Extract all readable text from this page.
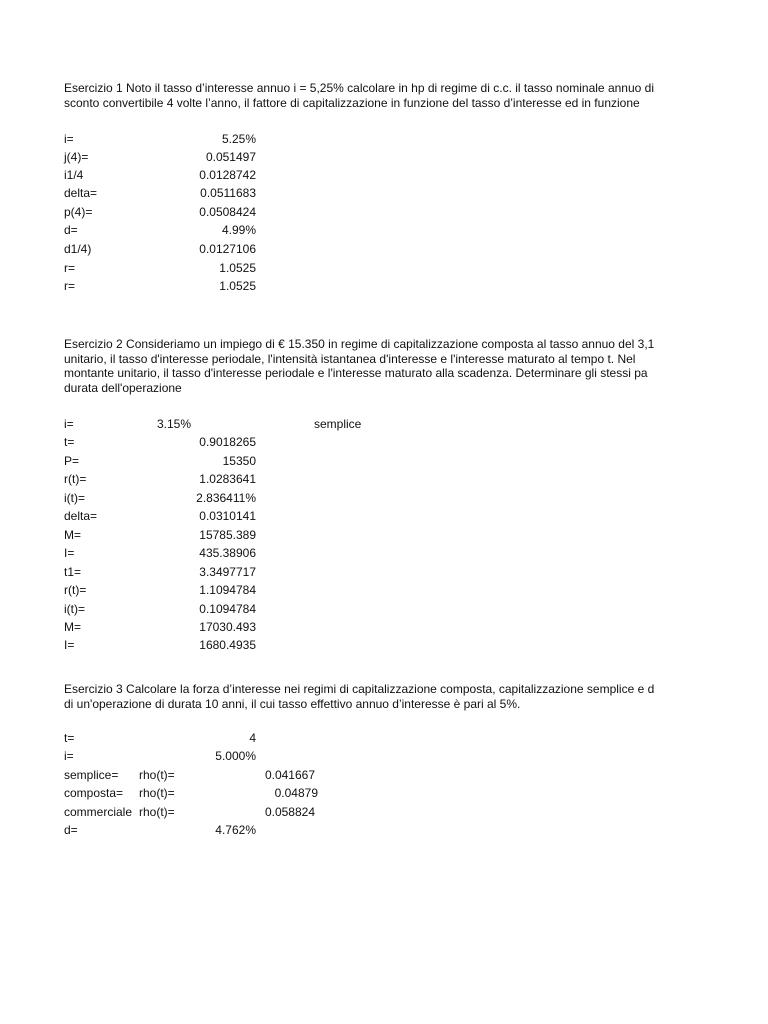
Esercizio 1 Noto il tasso d’interesse annuo i = 5,25% calcolare in hp di regime di c.c. il tasso nominale annuo di
sconto convertibile 4 volte l’anno, il fattore di capitalizzazione in funzione del tasso d’interesse ed in funzione
i=	5.25%
j(4)=	0.051497
i1/4	0.0128742
delta=	0.0511683
p(4)=	0.0508424
d=	4.99%
d1/4)	0.0127106
r=	1.0525
r=	1.0525
Esercizio 2 Consideriamo un impiego di € 15.350 in regime di capitalizzazione composta al tasso annuo del 3,1
unitario, il tasso d'interesse periodale, l'intensità istantanea d'interesse e l'interesse maturato al tempo t. Nel
montante unitario, il tasso d'interesse periodale e l'interesse maturato alla scadenza. Determinare gli stessi pa
durata dell'operazione
i=	3.15%	semplice
t=	0.9018265
P=	15350
r(t)=	1.0283641
i(t)=	2.836411%
delta=	0.0310141
M=	15785.389
I=	435.38906
t1=	3.3497717
r(t)=	1.1094784
i(t)=	0.1094784
M=	17030.493
I=	1680.4935
Esercizio 3 Calcolare la forza d’interesse nei regimi di capitalizzazione composta, capitalizzazione semplice e d
di un'operazione di durata 10 anni, il cui tasso effettivo annuo d’interesse è pari al 5%.
t=	4
i=	5.000%
semplice=	rho(t)=	0.041667
composta=	rho(t)=	0.04879
commerciale rho(t)=	0.058824
d=	4.762%
